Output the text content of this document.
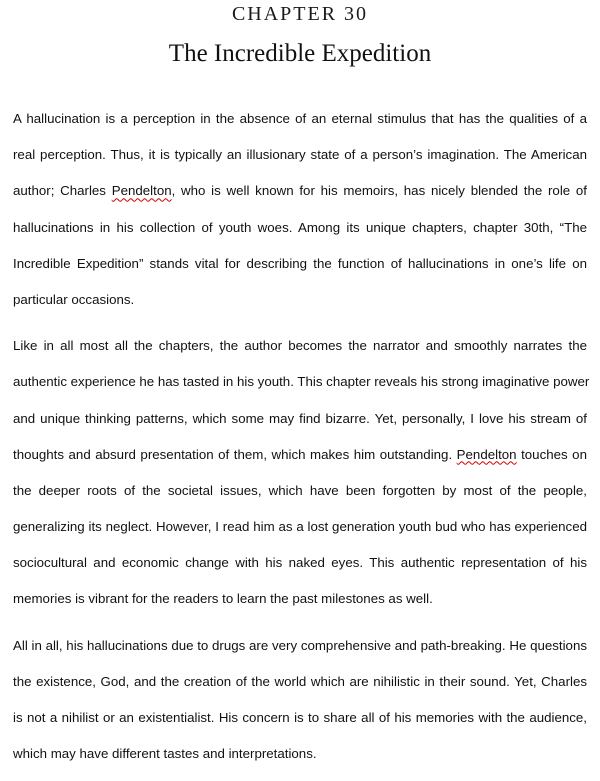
CHAPTER 30
The Incredible Expedition
A hallucination is a perception in the absence of an eternal stimulus that has the qualities of a
real perception. Thus, it is typically an illusionary state of a person’s imagination. The American
author; Charles Pendelton, who is well known for his memoirs, has nicely blended the role of
hallucinations in his collection of youth woes. Among its unique chapters, chapter 30th, “The
Incredible Expedition” stands vital for describing the function of hallucinations in one’s life on
particular occasions.
Like in all most all the chapters, the author becomes the narrator and smoothly narrates the
authentic experience he has tasted in his youth. This chapter reveals his strong imaginative power
and unique thinking patterns, which some may find bizarre. Yet, personally, I love his stream of
thoughts and absurd presentation of them, which makes him outstanding. Pendelton touches on
the deeper roots of the societal issues, which have been forgotten by most of the people,
generalizing its neglect. However, I read him as a lost generation youth bud who has experienced
sociocultural and economic change with his naked eyes. This authentic representation of his
memories is vibrant for the readers to learn the past milestones as well.
All in all, his hallucinations due to drugs are very comprehensive and path-breaking. He questions
the existence, God, and the creation of the world which are nihilistic in their sound. Yet, Charles
is not a nihilist or an existentialist. His concern is to share all of his memories with the audience,
which may have different tastes and interpretations.
